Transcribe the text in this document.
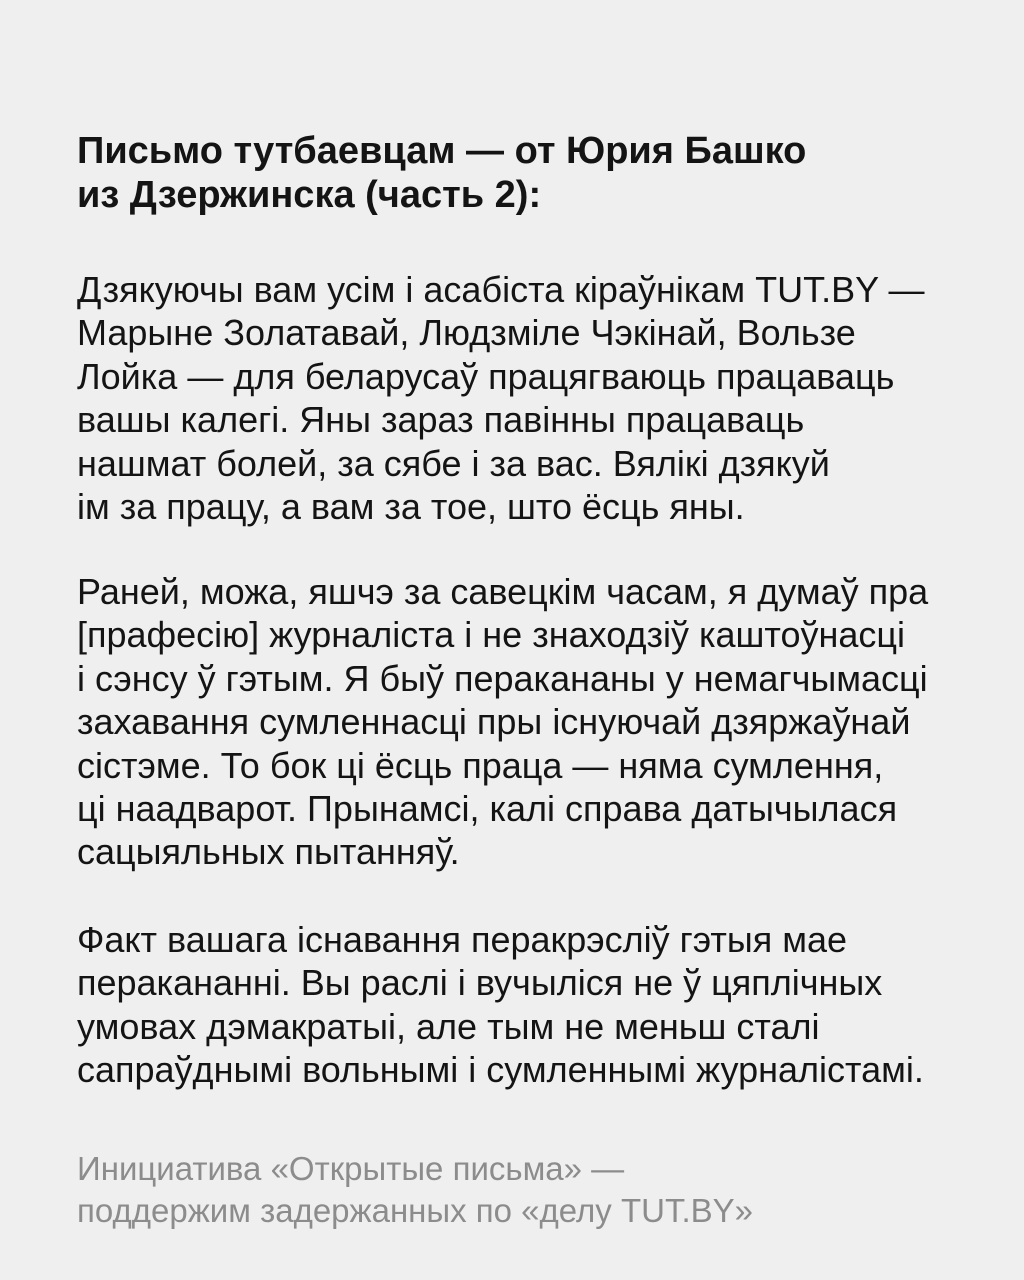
Письмо тутбаевцам — от Юрия Башко
из Дзержинска (часть 2):

Дзякуючы вам усім і асабіста кіраўнікам TUT.BY —
Марыне Золатавай, Людзміле Чэкінай, Вользе
Лойка — для беларусаў працягваюць працаваць
вашы калегі. Яны зараз павінны працаваць
нашмат болей, за сябе і за вас. Вялікі дзякуй
ім за працу, а вам за тое, што ёсць яны.

Раней, можа, яшчэ за савецкім часам, я думаў пра
[прафесію] журналіста і не знаходзіў каштоўнасці
і сэнсу ў гэтым. Я быў перакананы у немагчымасці
захавання сумленнасці пры існуючай дзяржаўнай
сістэме. То бок ці ёсць праца — няма сумлення,
ці наадварот. Прынамсі, калі справа датычылася
сацыяльных пытанняў.

Факт вашага існавання перакрэсліў гэтыя мае
перакананні. Вы раслі і вучыліся не ў цяплічных
умовах дэмакратыі, але тым не меньш сталі
сапраўднымі вольнымі і сумленнымі журналістамі.

Инициатива «Открытые письма» —
поддержим задержанных по «делу TUT.BY»
